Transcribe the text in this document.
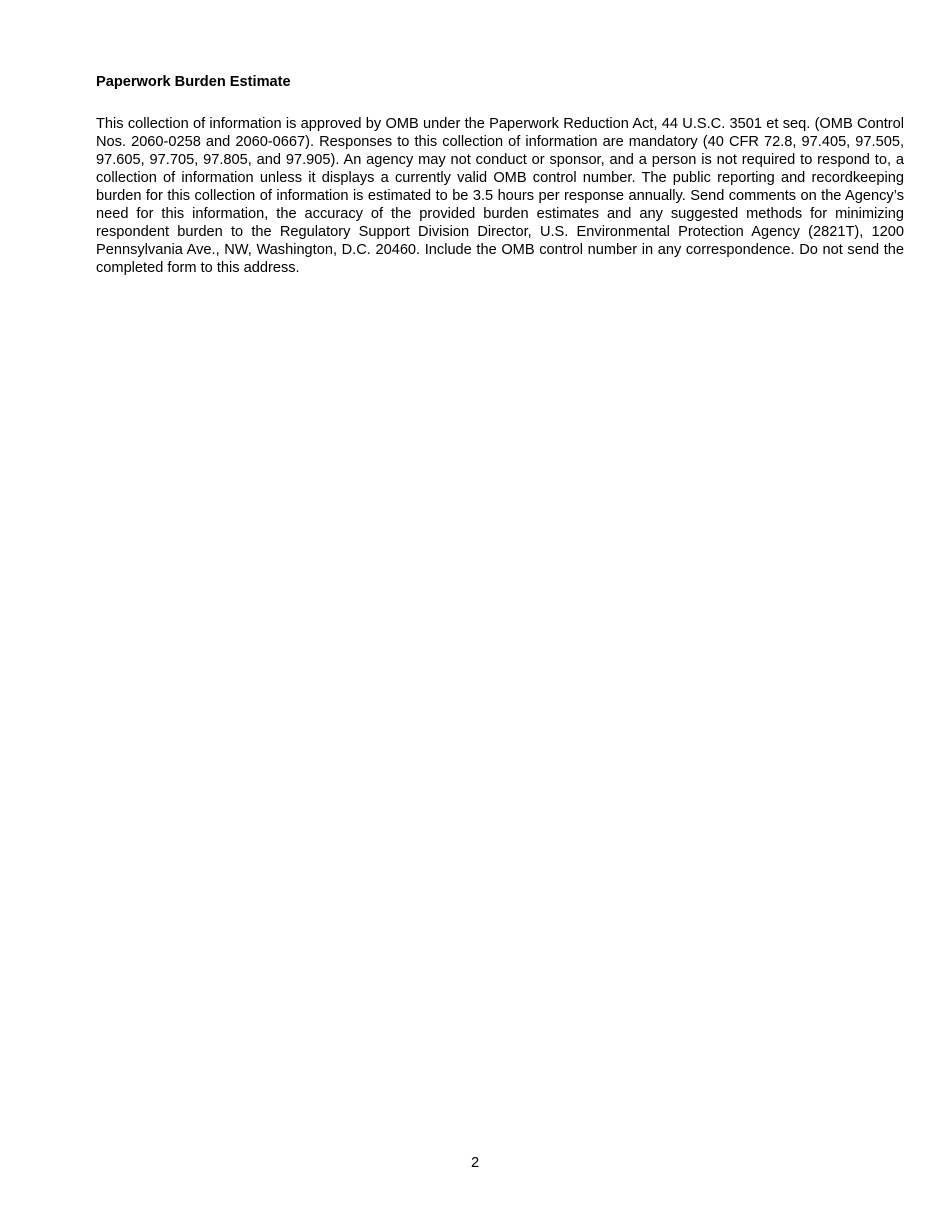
Paperwork Burden Estimate

This collection of information is approved by OMB under the Paperwork Reduction Act, 44 U.S.C. 3501 et seq. (OMB Control Nos. 2060-0258 and 2060-0667). Responses to this collection of information are mandatory (40 CFR 72.8, 97.405, 97.505, 97.605, 97.705, 97.805, and 97.905). An agency may not conduct or sponsor, and a person is not required to respond to, a collection of information unless it displays a currently valid OMB control number. The public reporting and recordkeeping burden for this collection of information is estimated to be 3.5 hours per response annually. Send comments on the Agency’s need for this information, the accuracy of the provided burden estimates and any suggested methods for minimizing respondent burden to the Regulatory Support Division Director, U.S. Environmental Protection Agency (2821T), 1200 Pennsylvania Ave., NW, Washington, D.C. 20460. Include the OMB control number in any correspondence. Do not send the completed form to this address.

2
